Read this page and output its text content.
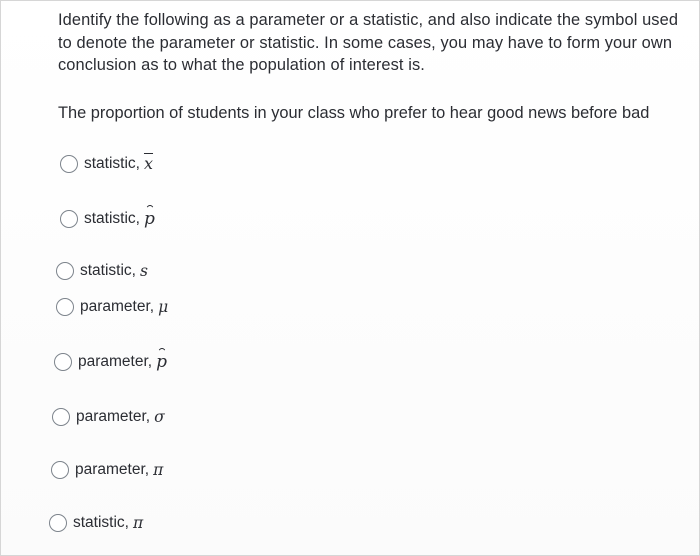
Identify the following as a parameter or a statistic, and also indicate the symbol used to denote the parameter or statistic. In some cases, you may have to form your own conclusion as to what the population of interest is.
The proportion of students in your class who prefer to hear good news before bad
statistic, $\overline{x}$
statistic, p
statistic, s
parameter, μ
parameter, p
parameter, σ
parameter, π
statistic, π
